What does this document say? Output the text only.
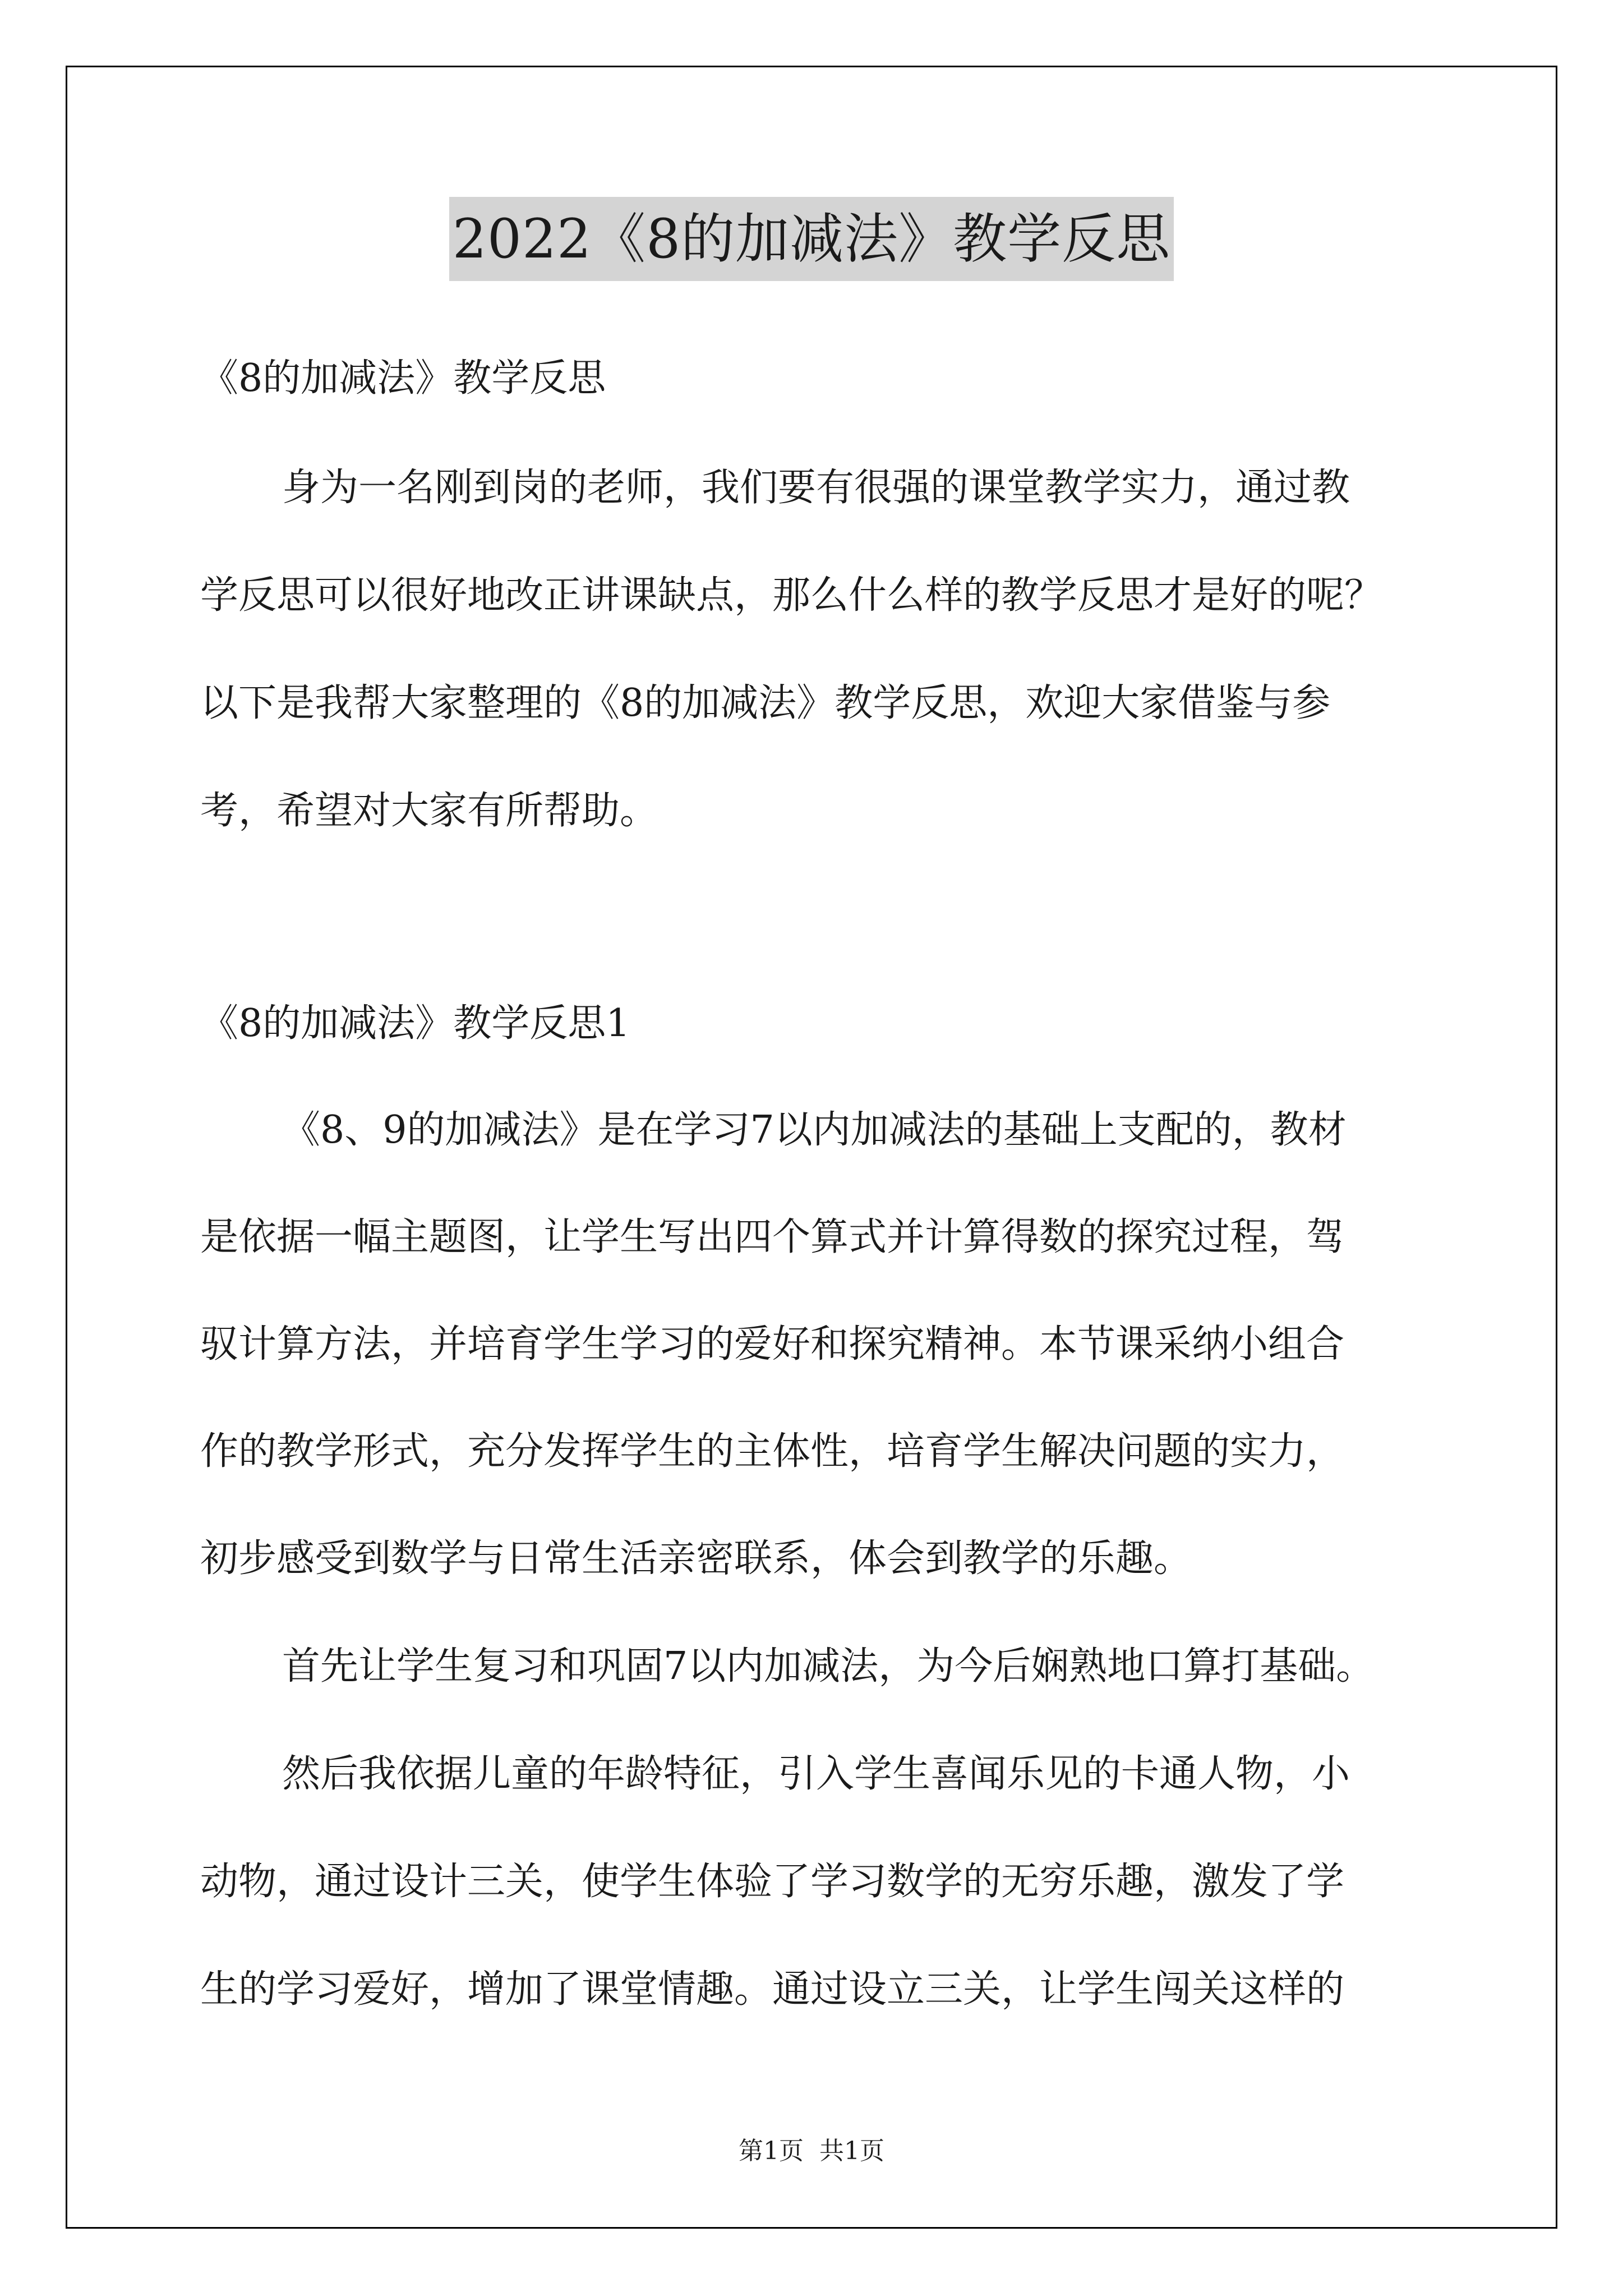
2022《8的加减法》教学反思
《8的加减法》教学反思
身为一名刚到岗的老师，我们要有很强的课堂教学实力，通过教
学反思可以很好地改正讲课缺点，那么什么样的教学反思才是好的呢？
以下是我帮大家整理的《8的加减法》教学反思，欢迎大家借鉴与参
考，希望对大家有所帮助。
《8的加减法》教学反思1
《8、9的加减法》是在学习7以内加减法的基础上支配的，教材
是依据一幅主题图，让学生写出四个算式并计算得数的探究过程，驾
驭计算方法，并培育学生学习的爱好和探究精神。本节课采纳小组合
作的教学形式，充分发挥学生的主体性，培育学生解决问题的实力，
初步感受到数学与日常生活亲密联系，体会到教学的乐趣。
首先让学生复习和巩固7以内加减法，为今后娴熟地口算打基础。
然后我依据儿童的年龄特征，引入学生喜闻乐见的卡通人物，小
动物，通过设计三关，使学生体验了学习数学的无穷乐趣，激发了学
生的学习爱好，增加了课堂情趣。通过设立三关，让学生闯关这样的
第1页 共1页
